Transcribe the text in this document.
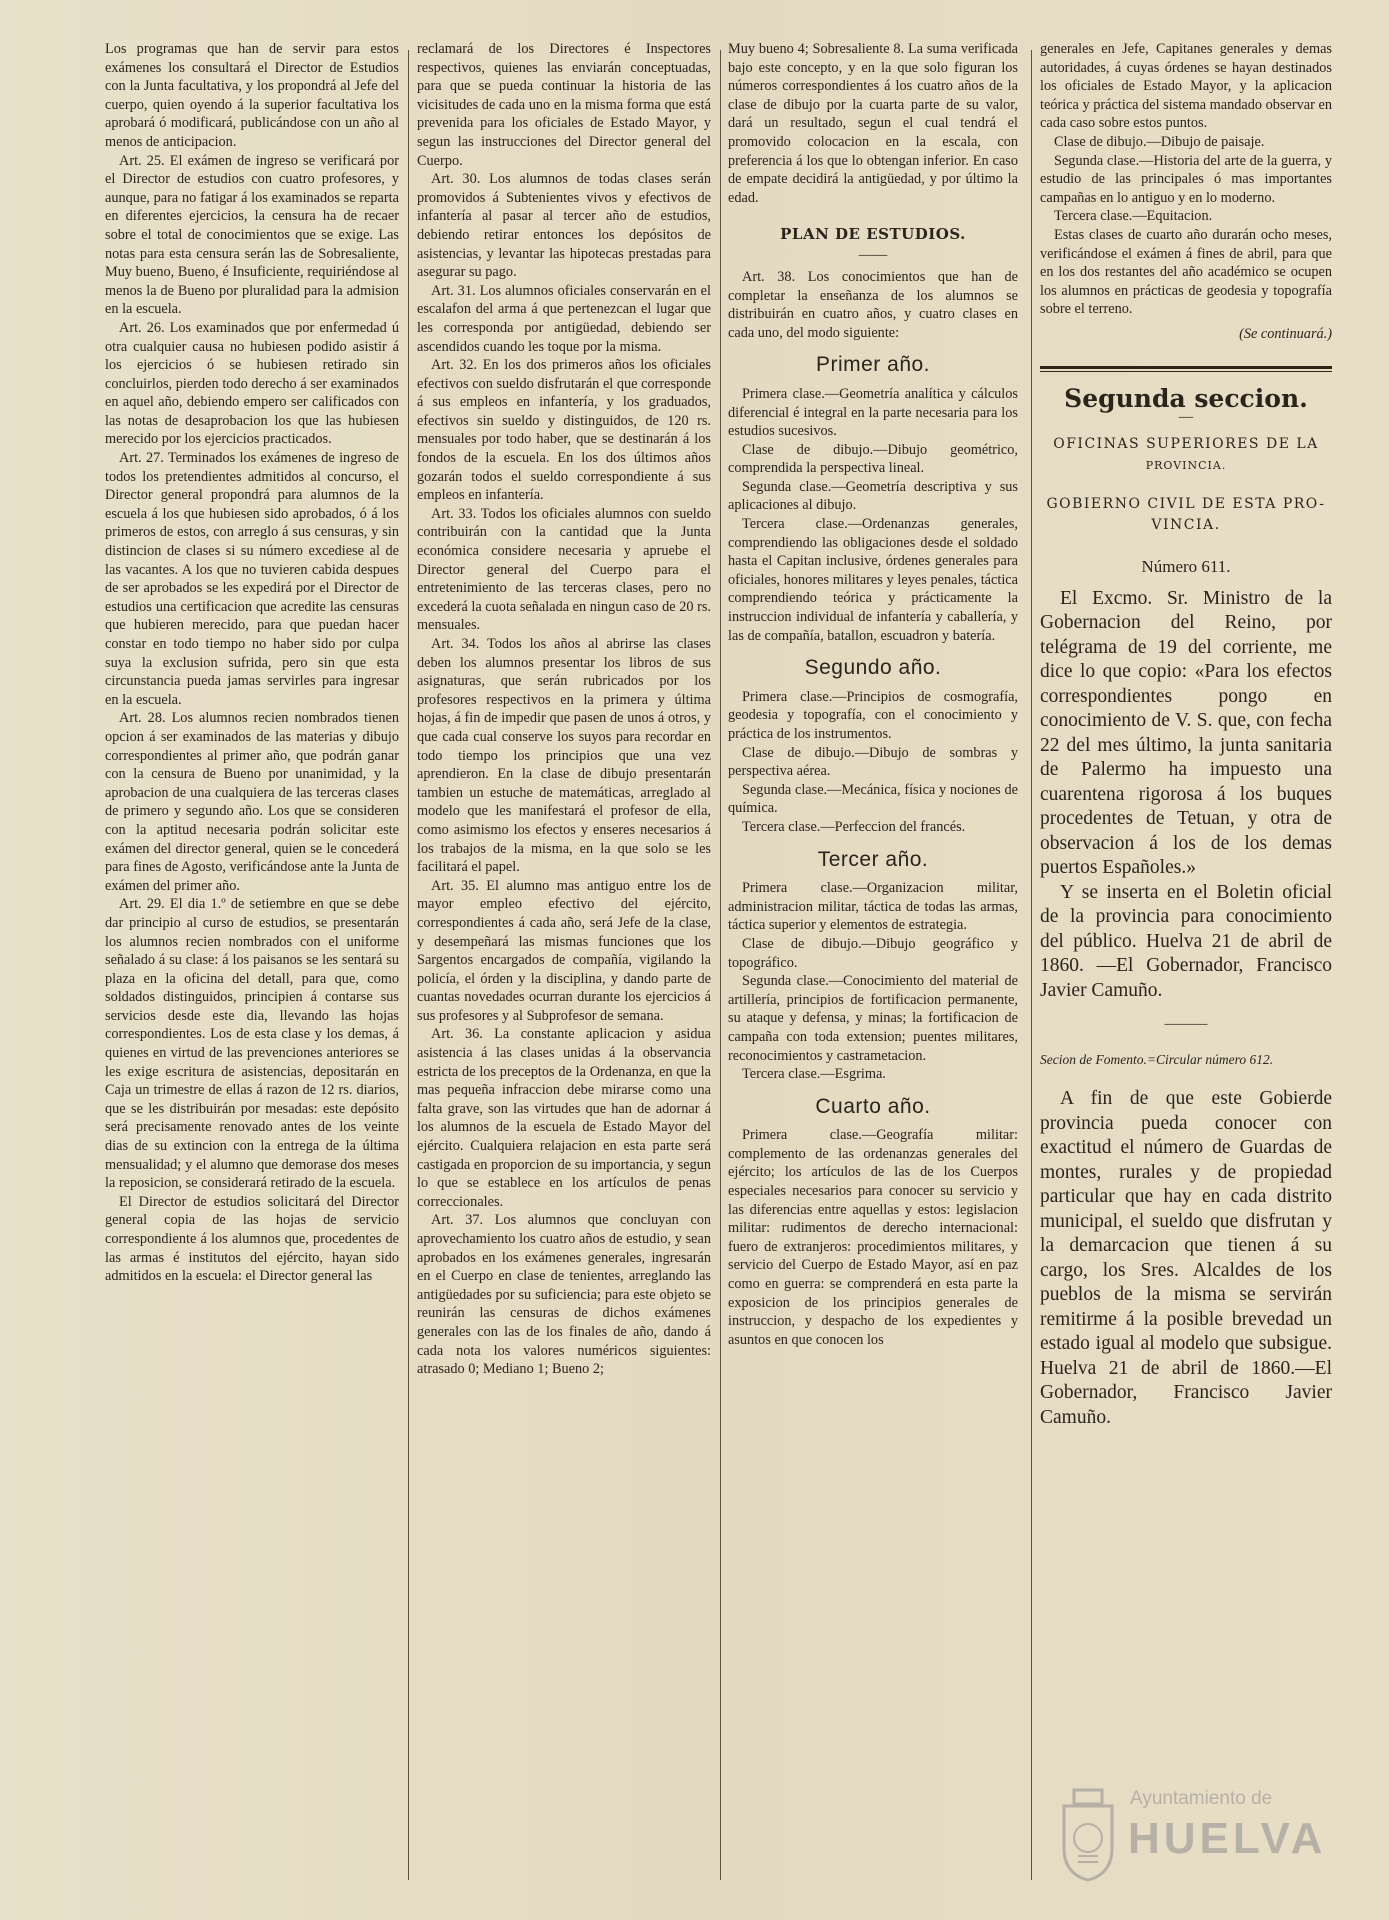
Los programas que han de servir para estos exámenes los consultará el Director de Estudios con la Junta facultativa, y los propondrá al Jefe del cuerpo, quien oyendo á la superior facultativa los aprobará ó modificará, publicándose con un año al menos de anticipacion.

Art. 25. El exámen de ingreso se verificará por el Director de estudios con cuatro profesores, y aunque, para no fatigar á los examinados se reparta en diferentes ejercicios, la censura ha de recaer sobre el total de conocimientos que se exige. Las notas para esta censura serán las de Sobresaliente, Muy bueno, Bueno, é Insuficiente, requiriéndose al menos la de Bueno por pluralidad para la admision en la escuela.

Art. 26. Los examinados que por enfermedad ú otra cualquier causa no hubiesen podido asistir á los ejercicios ó se hubiesen retirado sin concluirlos, pierden todo derecho á ser examinados en aquel año, debiendo empero ser calificados con las notas de desaprobacion los que las hubiesen merecido por los ejercicios practicados.

Art. 27. Terminados los exámenes de ingreso de todos los pretendientes admitidos al concurso, el Director general propondrá para alumnos de la escuela á los que hubiesen sido aprobados, ó á los primeros de estos, con arreglo á sus censuras, y sin distincion de clases si su número excediese al de las vacantes. A los que no tuvieren cabida despues de ser aprobados se les expedirá por el Director de estudios una certificacion que acredite las censuras que hubieren merecido, para que puedan hacer constar en todo tiempo no haber sido por culpa suya la exclusion sufrida, pero sin que esta circunstancia pueda jamas servirles para ingresar en la escuela.

Art. 28. Los alumnos recien nombrados tienen opcion á ser examinados de las materias y dibujo correspondientes al primer año, que podrán ganar con la censura de Bueno por unanimidad, y la aprobacion de una cualquiera de las terceras clases de primero y segundo año. Los que se consideren con la aptitud necesaria podrán solicitar este exámen del director general, quien se le concederá para fines de Agosto, verificándose ante la Junta de exámen del primer año.

Art. 29. El dia 1.º de setiembre en que se debe dar principio al curso de estudios, se presentarán los alumnos recien nombrados con el uniforme señalado á su clase: á los paisanos se les sentará su plaza en la oficina del detall, para que, como soldados distinguidos, principien á contarse sus servicios desde este dia, llevando las hojas correspondientes. Los de esta clase y los demas, á quienes en virtud de las prevenciones anteriores se les exige escritura de asistencias, depositarán en Caja un trimestre de ellas á razon de 12 rs. diarios, que se les distribuirán por mesadas: este depósito será precisamente renovado antes de los veinte dias de su extincion con la entrega de la última mensualidad; y el alumno que demorase dos meses la reposicion, se considerará retirado de la escuela.

El Director de estudios solicitará del Director general copia de las hojas de servicio correspondiente á los alumnos que, procedentes de las armas é institutos del ejército, hayan sido admitidos en la escuela: el Director general las

reclamará de los Directores é Inspectores respectivos, quienes las enviarán conceptuadas, para que se pueda continuar la historia de las vicisitudes de cada uno en la misma forma que está prevenida para los oficiales de Estado Mayor, y segun las instrucciones del Director general del Cuerpo.

Art. 30. Los alumnos de todas clases serán promovidos á Subtenientes vivos y efectivos de infantería al pasar al tercer año de estudios, debiendo retirar entonces los depósitos de asistencias, y levantar las hipotecas prestadas para asegurar su pago.

Art. 31. Los alumnos oficiales conservarán en el escalafon del arma á que pertenezcan el lugar que les corresponda por antigüedad, debiendo ser ascendidos cuando les toque por la misma.

Art. 32. En los dos primeros años los oficiales efectivos con sueldo disfrutarán el que corresponde á sus empleos en infantería, y los graduados, efectivos sin sueldo y distinguidos, de 120 rs. mensuales por todo haber, que se destinarán á los fondos de la escuela. En los dos últimos años gozarán todos el sueldo correspondiente á sus empleos en infantería.

Art. 33. Todos los oficiales alumnos con sueldo contribuirán con la cantidad que la Junta económica considere necesaria y apruebe el Director general del Cuerpo para el entretenimiento de las terceras clases, pero no excederá la cuota señalada en ningun caso de 20 rs. mensuales.

Art. 34. Todos los años al abrirse las clases deben los alumnos presentar los libros de sus asignaturas, que serán rubricados por los profesores respectivos en la primera y última hojas, á fin de impedir que pasen de unos á otros, y que cada cual conserve los suyos para recordar en todo tiempo los principios que una vez aprendieron. En la clase de dibujo presentarán tambien un estuche de matemáticas, arreglado al modelo que les manifestará el profesor de ella, como asimismo los efectos y enseres necesarios á los trabajos de la misma, en la que solo se les facilitará el papel.

Art. 35. El alumno mas antiguo entre los de mayor empleo efectivo del ejército, correspondientes á cada año, será Jefe de la clase, y desempeñará las mismas funciones que los Sargentos encargados de compañía, vigilando la policía, el órden y la disciplina, y dando parte de cuantas novedades ocurran durante los ejercicios á sus profesores y al Subprofesor de semana.

Art. 36. La constante aplicacion y asidua asistencia á las clases unidas á la observancia estricta de los preceptos de la Ordenanza, en que la mas pequeña infraccion debe mirarse como una falta grave, son las virtudes que han de adornar á los alumnos de la escuela de Estado Mayor del ejército. Cualquiera relajacion en esta parte será castigada en proporcion de su importancia, y segun lo que se establece en los artículos de penas correccionales.

Art. 37. Los alumnos que concluyan con aprovechamiento los cuatro años de estudio, y sean aprobados en los exámenes generales, ingresarán en el Cuerpo en clase de tenientes, arreglando las antigüedades por su suficiencia; para este objeto se reunirán las censuras de dichos exámenes generales con las de los finales de año, dando á cada nota los valores numéricos siguientes: atrasado 0; Mediano 1; Bueno 2;

Muy bueno 4; Sobresaliente 8. La suma verificada bajo este concepto, y en la que solo figuran los números correspondientes á los cuatro años de la clase de dibujo por la cuarta parte de su valor, dará un resultado, segun el cual tendrá el promovido colocacion en la escala, con preferencia á los que lo obtengan inferior. En caso de empate decidirá la antigüedad, y por último la edad.

PLAN DE ESTUDIOS.
——

Art. 38. Los conocimientos que han de completar la enseñanza de los alumnos se distribuirán en cuatro años, y cuatro clases en cada uno, del modo siguiente:

Primer año.

Primera clase.—Geometría analítica y cálculos diferencial é integral en la parte necesaria para los estudios sucesivos.

Clase de dibujo.—Dibujo geométrico, comprendida la perspectiva lineal.

Segunda clase.—Geometría descriptiva y sus aplicaciones al dibujo.

Tercera clase.—Ordenanzas generales, comprendiendo las obligaciones desde el soldado hasta el Capitan inclusive, órdenes generales para oficiales, honores militares y leyes penales, táctica comprendiendo teórica y prácticamente la instruccion individual de infantería y caballería, y las de compañía, batallon, escuadron y batería.

Segundo año.

Primera clase.—Principios de cosmografía, geodesia y topografía, con el conocimiento y práctica de los instrumentos.

Clase de dibujo.—Dibujo de sombras y perspectiva aérea.

Segunda clase.—Mecánica, física y nociones de química.

Tercera clase.—Perfeccion del francés.

Tercer año.

Primera clase.—Organizacion militar, administracion militar, táctica de todas las armas, táctica superior y elementos de estrategia.

Clase de dibujo.—Dibujo geográfico y topográfico.

Segunda clase.—Conocimiento del material de artillería, principios de fortificacion permanente, su ataque y defensa, y minas; la fortificacion de campaña con toda extension; puentes militares, reconocimientos y castrametacion.

Tercera clase.—Esgrima.

Cuarto año.

Primera clase.—Geografía militar: complemento de las ordenanzas generales del ejército; los artículos de las de los Cuerpos especiales necesarios para conocer su servicio y las diferencias entre aquellas y estos: legislacion militar: rudimentos de derecho internacional: fuero de extranjeros: procedimientos militares, y servicio del Cuerpo de Estado Mayor, así en paz como en guerra: se comprenderá en esta parte la exposicion de los principios generales de instruccion, y despacho de los expedientes y asuntos en que conocen los

generales en Jefe, Capitanes generales y demas autoridades, á cuyas órdenes se hayan destinados los oficiales de Estado Mayor, y la aplicacion teórica y práctica del sistema mandado observar en cada caso sobre estos puntos.

Clase de dibujo.—Dibujo de paisaje.

Segunda clase.—Historia del arte de la guerra, y estudio de las principales ó mas importantes campañas en lo antiguo y en lo moderno.

Tercera clase.—Equitacion.

Estas clases de cuarto año durarán ocho meses, verificándose el exámen á fines de abril, para que en los dos restantes del año académico se ocupen los alumnos en prácticas de geodesia y topografía sobre el terreno.

(Se continuará.)
Segunda seccion.
—
OFICINAS SUPERIORES DE LA
PROVINCIA.
GOBIERNO CIVIL DE ESTA PRO-
VINCIA.
Número 611.

El Excmo. Sr. Ministro de la Gobernacion del Reino, por telégrama de 19 del corriente, me dice lo que copio: «Para los efectos correspondientes pongo en conocimiento de V. S. que, con fecha 22 del mes último, la junta sanitaria de Palermo ha impuesto una cuarentena rigorosa á los buques procedentes de Tetuan, y otra de observacion á los de los demas puertos Españoles.»

Y se inserta en el Boletin oficial de la provincia para conocimiento del público. Huelva 21 de abril de 1860. —El Gobernador, Francisco Javier Camuño.

———
Secion de Fomento.=Circular número 612.

A fin de que este Gobierde provincia pueda conocer con exactitud el número de Guardas de montes, rurales y de propiedad particular que hay en cada distrito municipal, el sueldo que disfrutan y la demarcacion que tienen á su cargo, los Sres. Alcaldes de los pueblos de la misma se servirán remitirme á la posible brevedad un estado igual al modelo que subsigue. Huelva 21 de abril de 1860.—El Gobernador, Francisco Javier Camuño.

Ayuntamiento de
HUELVA
